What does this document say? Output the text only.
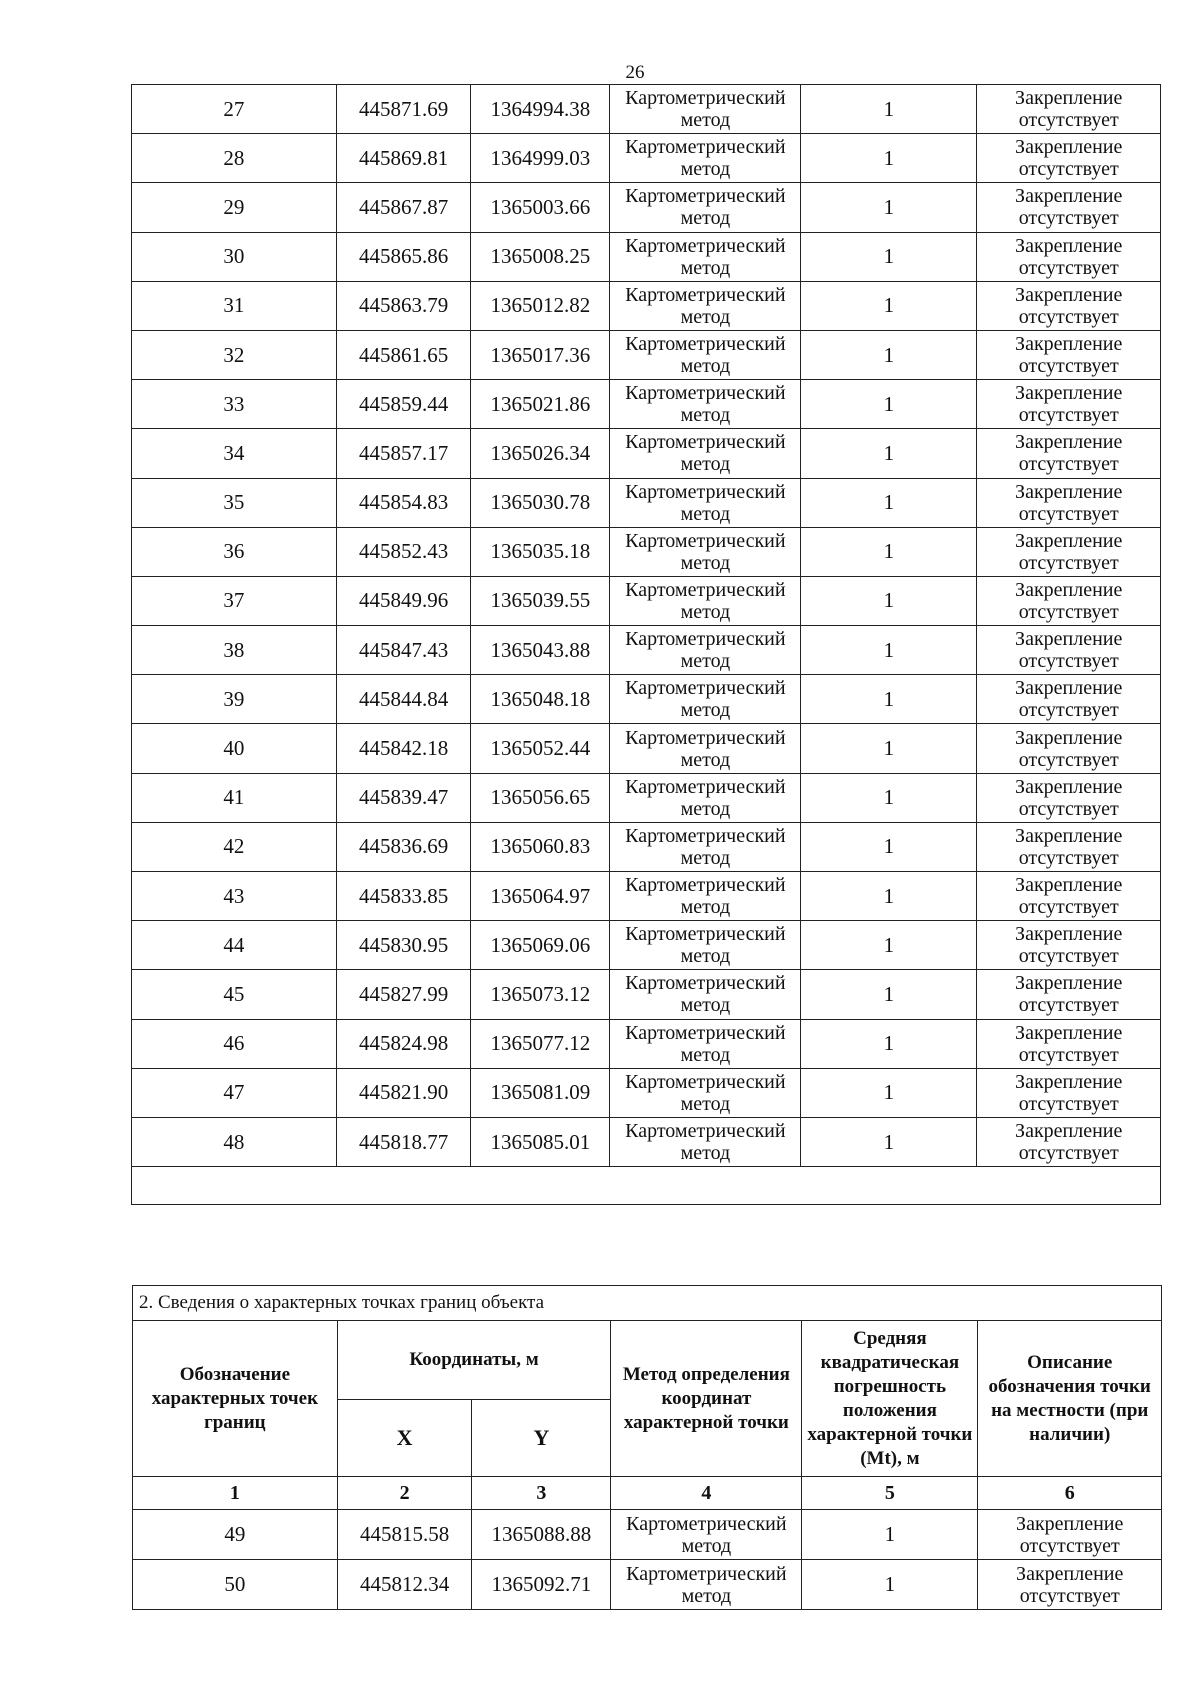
26
27	445871.69	1364994.38	Картометрический метод	1	Закрепление отсутствует
28	445869.81	1364999.03	Картометрический метод	1	Закрепление отсутствует
29	445867.87	1365003.66	Картометрический метод	1	Закрепление отсутствует
30	445865.86	1365008.25	Картометрический метод	1	Закрепление отсутствует
31	445863.79	1365012.82	Картометрический метод	1	Закрепление отсутствует
32	445861.65	1365017.36	Картометрический метод	1	Закрепление отсутствует
33	445859.44	1365021.86	Картометрический метод	1	Закрепление отсутствует
34	445857.17	1365026.34	Картометрический метод	1	Закрепление отсутствует
35	445854.83	1365030.78	Картометрический метод	1	Закрепление отсутствует
36	445852.43	1365035.18	Картометрический метод	1	Закрепление отсутствует
37	445849.96	1365039.55	Картометрический метод	1	Закрепление отсутствует
38	445847.43	1365043.88	Картометрический метод	1	Закрепление отсутствует
39	445844.84	1365048.18	Картометрический метод	1	Закрепление отсутствует
40	445842.18	1365052.44	Картометрический метод	1	Закрепление отсутствует
41	445839.47	1365056.65	Картометрический метод	1	Закрепление отсутствует
42	445836.69	1365060.83	Картометрический метод	1	Закрепление отсутствует
43	445833.85	1365064.97	Картометрический метод	1	Закрепление отсутствует
44	445830.95	1365069.06	Картометрический метод	1	Закрепление отсутствует
45	445827.99	1365073.12	Картометрический метод	1	Закрепление отсутствует
46	445824.98	1365077.12	Картометрический метод	1	Закрепление отсутствует
47	445821.90	1365081.09	Картометрический метод	1	Закрепление отсутствует
48	445818.77	1365085.01	Картометрический метод	1	Закрепление отсутствует

2. Сведения о характерных точках границ объекта					
Обозначение характерных точек границ	Координаты, м		Метод определения координат характерной точки	Средняя квадратическая погрешность положения характерной точки (Mt), м	Описание обозначения точки на местности (при наличии)
	X	Y			
1	2	3	4	5	6
49	445815.58	1365088.88	Картометрический метод	1	Закрепление отсутствует
50	445812.34	1365092.71	Картометрический метод	1	Закрепление отсутствует
